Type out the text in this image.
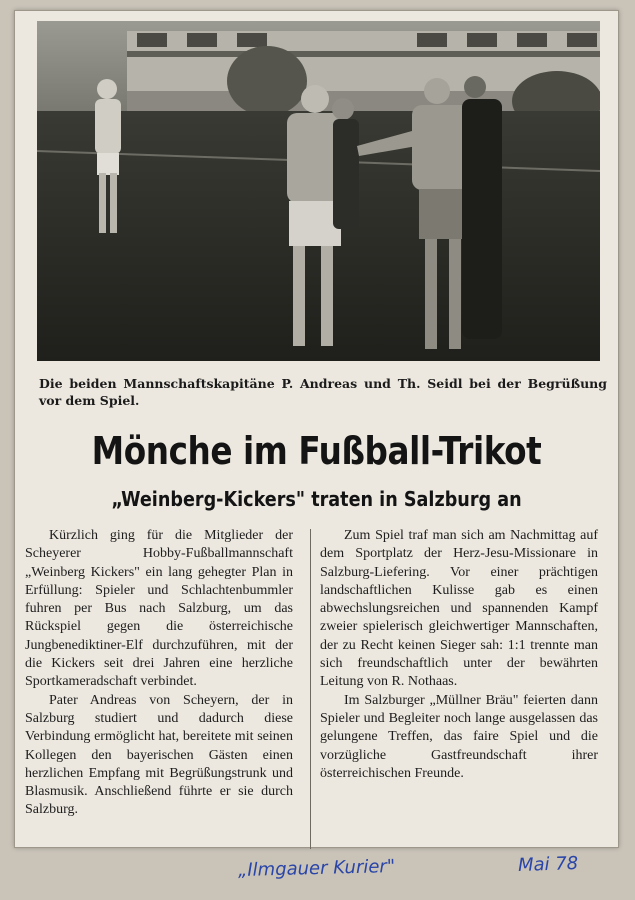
Die beiden Mannschaftskapitäne P. Andreas und Th. Seidl bei der Begrüßung vor dem Spiel.
Mönche im Fußball-Trikot
„Weinberg-Kickers" traten in Salzburg an

Kürzlich ging für die Mitglieder der Scheyerer Hobby-Fußballmannschaft „Weinberg Kickers" ein lang gehegter Plan in Erfüllung: Spieler und Schlachtenbummler fuhren per Bus nach Salzburg, um das Rückspiel gegen die österreichische Jungbenediktiner-Elf durchzuführen, mit der die Kickers seit drei Jahren eine herzliche Sportkameradschaft verbindet.

Pater Andreas von Scheyern, der in Salzburg studiert und dadurch diese Verbindung ermöglicht hat, bereitete mit seinen Kollegen den bayerischen Gästen einen herzlichen Empfang mit Begrüßungstrunk und Blasmusik. Anschließend führte er sie durch Salzburg.

Zum Spiel traf man sich am Nachmittag auf dem Sportplatz der Herz-Jesu-Missionare in Salzburg-Liefering. Vor einer prächtigen landschaftlichen Kulisse gab es einen abwechslungsreichen und spannenden Kampf zweier spielerisch gleichwertiger Mannschaften, der zu Recht keinen Sieger sah: 1:1 trennte man sich freundschaftlich unter der bewährten Leitung von R. Nothaas.

Im Salzburger „Müllner Bräu" feierten dann Spieler und Begleiter noch lange ausgelassen das gelungene Treffen, das faire Spiel und die vorzügliche Gastfreundschaft ihrer österreichischen Freunde.

„Ilmgauer Kurier"	Mai 78
